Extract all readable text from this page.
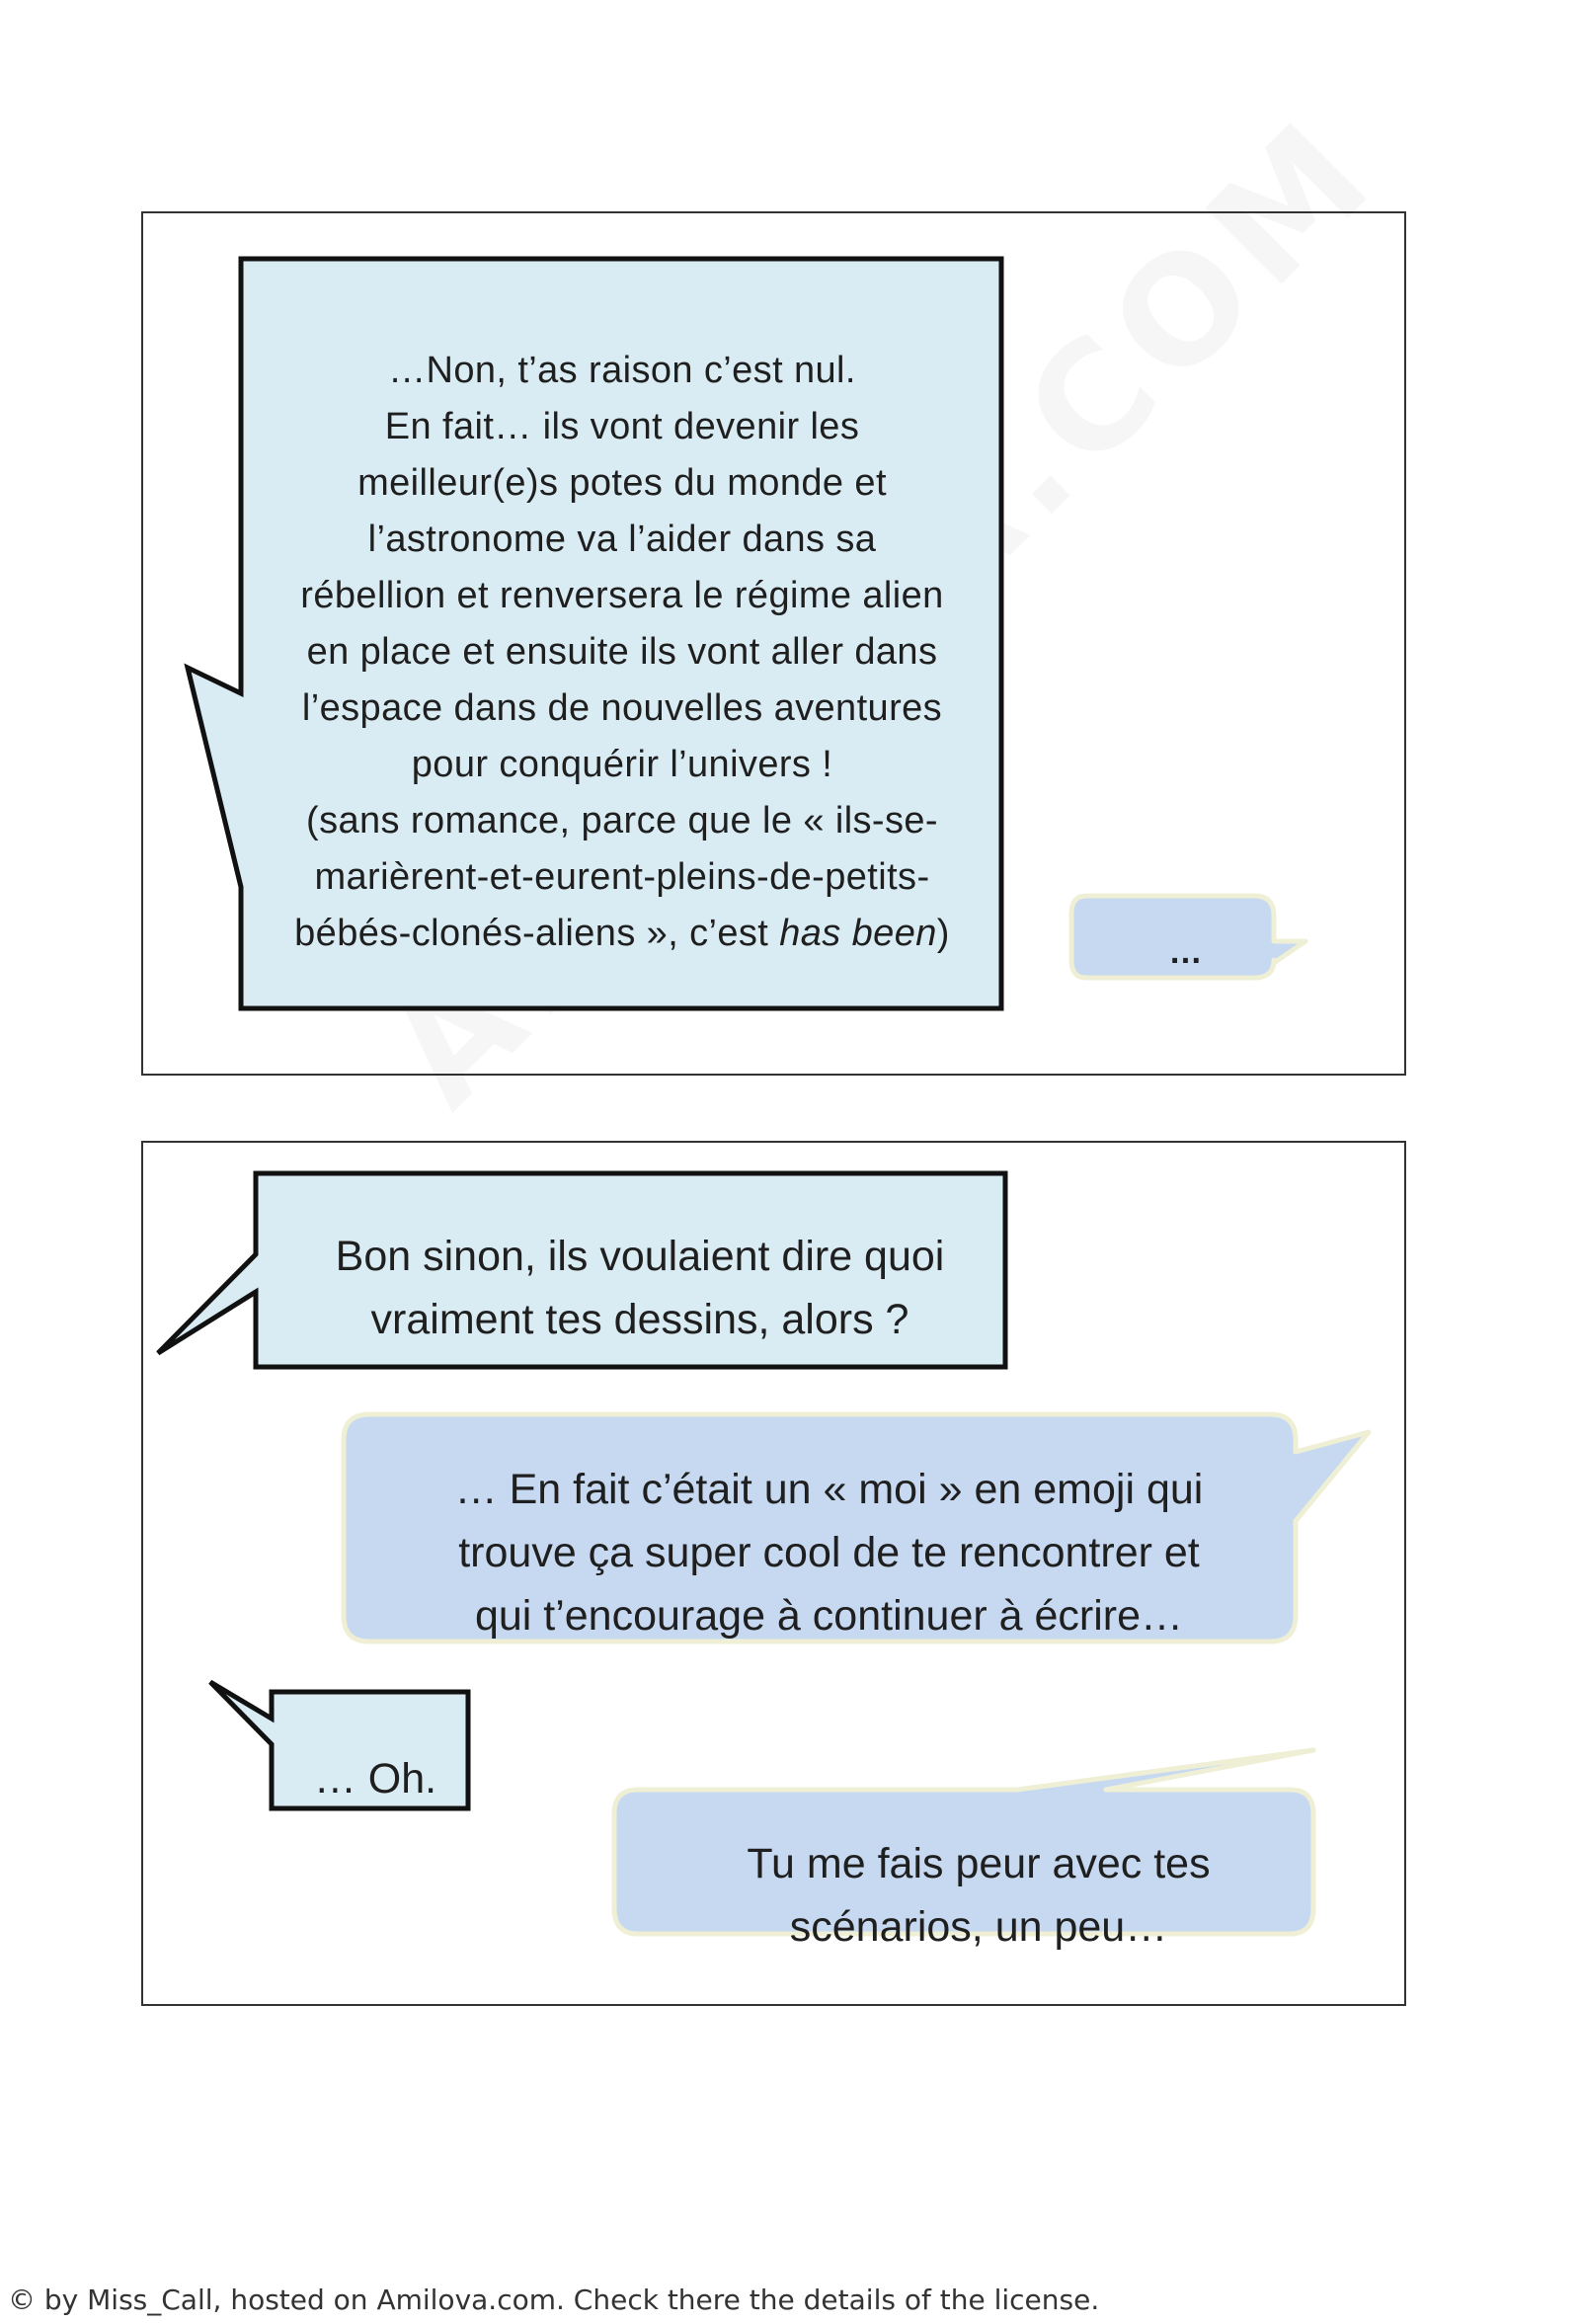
…Non, t’as raison c’est nul.
En fait… ils vont devenir les
meilleur(e)s potes du monde et
l’astronome va l’aider dans sa
rébellion et renversera le régime alien
en place et ensuite ils vont aller dans
l’espace dans de nouvelles aventures
pour conquérir l’univers !
(sans romance, parce que le « ils-se-
marièrent-et-eurent-pleins-de-petits-
bébés-clonés-aliens », c’est has been)	…
Bon sinon, ils voulaient dire quoi
vraiment tes dessins, alors ?
… En fait c’était un « moi » en emoji qui
trouve ça super cool de te rencontrer et
qui t’encourage à continuer à écrire…
… Oh.
Tu me fais peur avec tes
scénarios, un peu…
© by Miss_Call, hosted on Amilova.com. Check there the details of the license.
